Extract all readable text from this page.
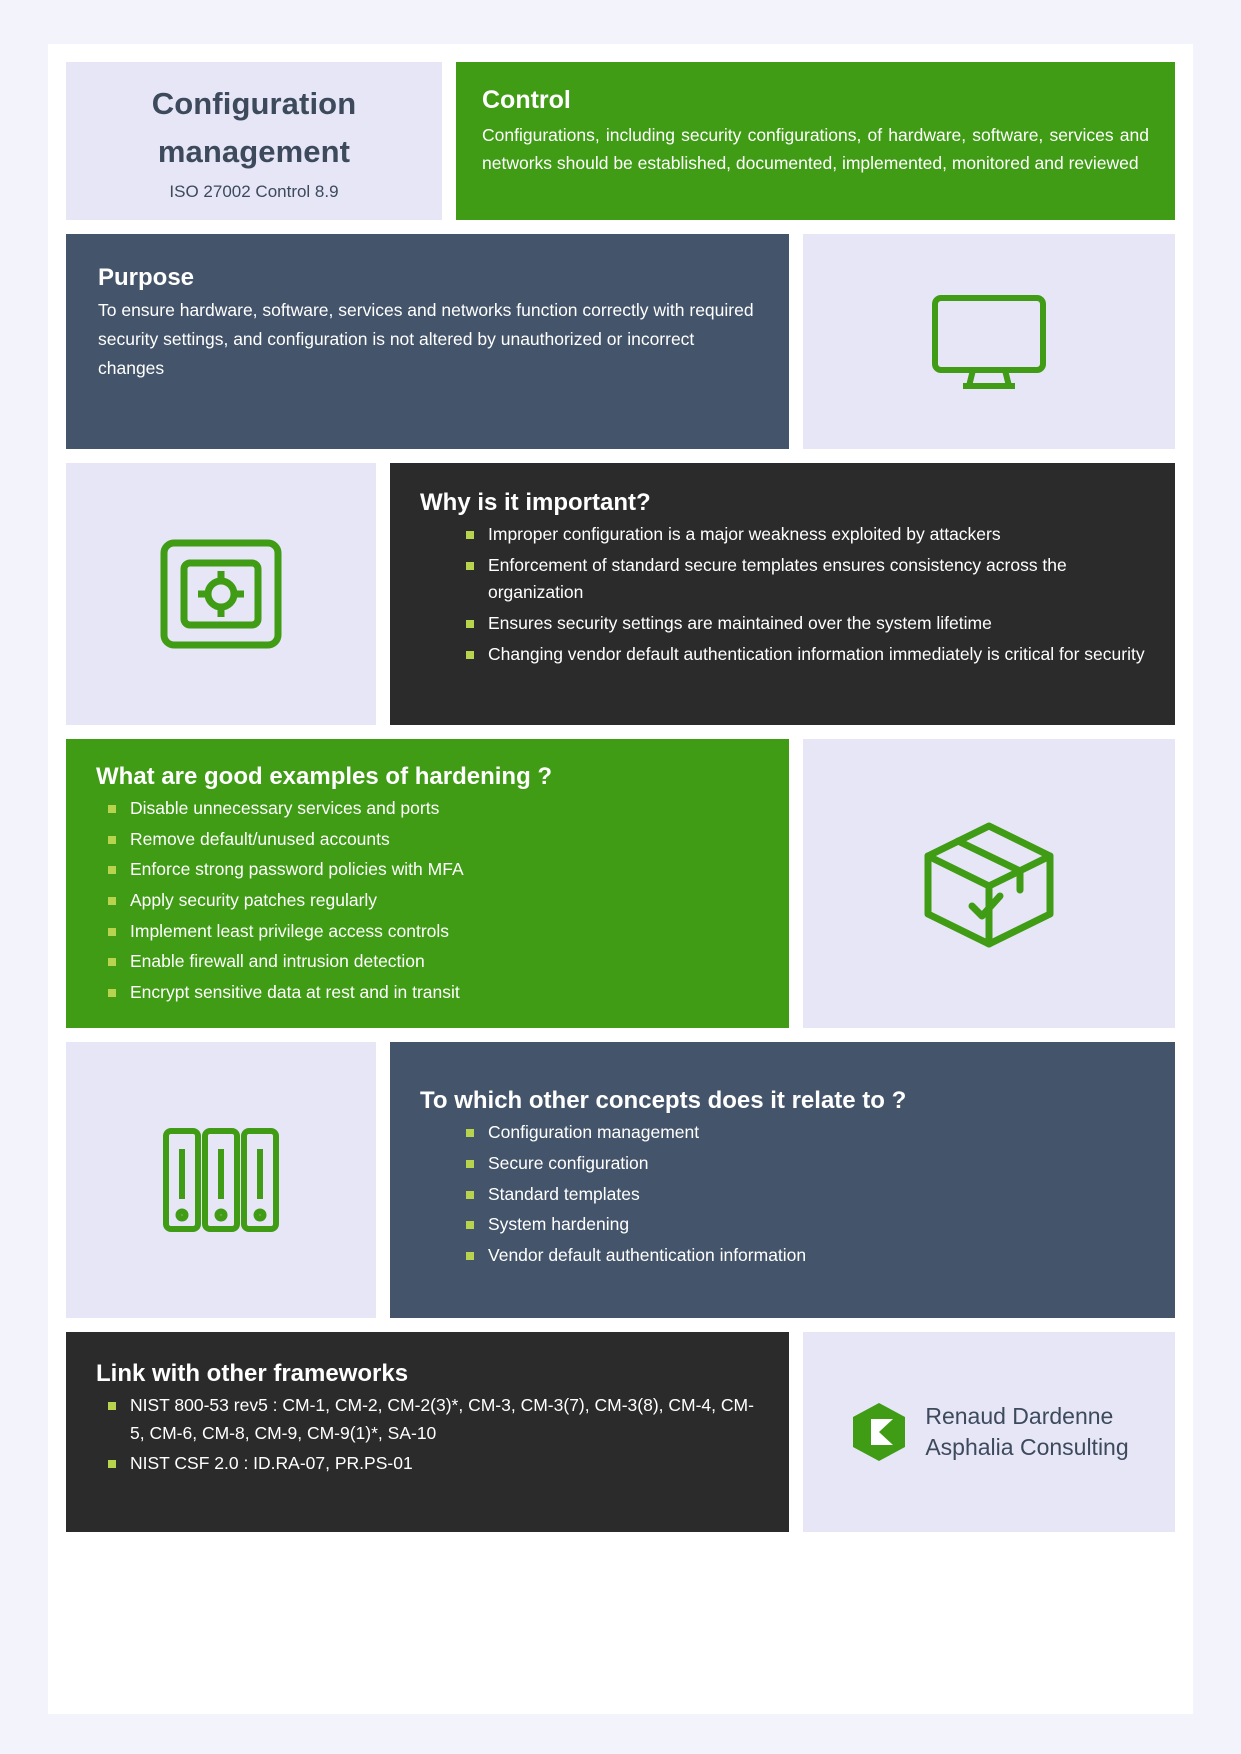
Configuration management
ISO 27002 Control 8.9
Control

Configurations, including security configurations, of hardware, software, services and networks should be established, documented, implemented, monitored and reviewed

Purpose

To ensure hardware, software, services and networks function correctly with required security settings, and configuration is not altered by unauthorized or incorrect changes

Why is it important?
Improper configuration is a major weakness exploited by attackers
Enforcement of standard secure templates ensures consistency across the organization
Ensures security settings are maintained over the system lifetime
Changing vendor default authentication information immediately is critical for security
What are good examples of hardening ?
Disable unnecessary services and ports
Remove default/unused accounts
Enforce strong password policies with MFA
Apply security patches regularly
Implement least privilege access controls
Enable firewall and intrusion detection
Encrypt sensitive data at rest and in transit
To which other concepts does it relate to ?
Configuration management
Secure configuration
Standard templates
System hardening
Vendor default authentication information
Link with other frameworks
NIST 800-53 rev5 : CM-1, CM-2, CM-2(3)*, CM-3, CM-3(7), CM-3(8), CM-4, CM-5, CM-6, CM-8, CM-9, CM-9(1)*, SA-10
NIST CSF 2.0 : ID.RA-07, PR.PS-01
Renaud Dardenne
Asphalia Consulting
